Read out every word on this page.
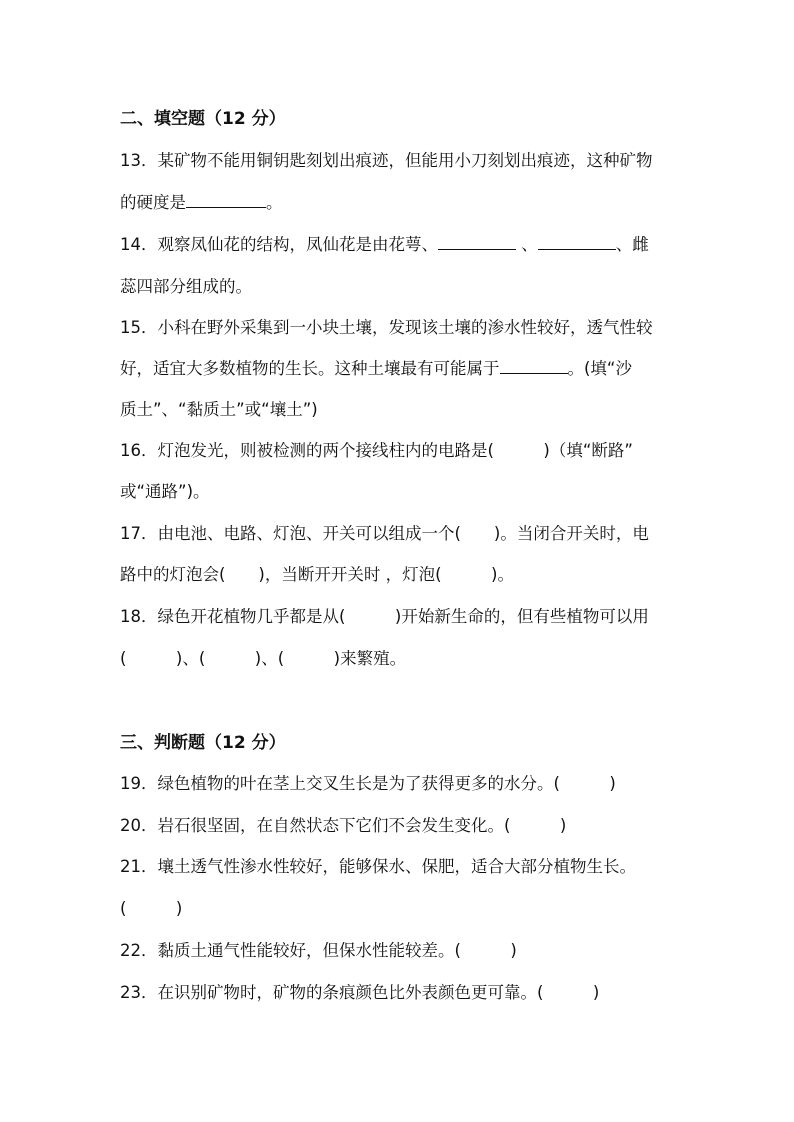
二、填空题（12 分）
13．某矿物不能用铜钥匙刻划出痕迹，但能用小刀刻划出痕迹，这种矿物
的硬度是	。
14．观察凤仙花的结构，凤仙花是由花萼、	、	、雌
蕊四部分组成的。
15．小科在野外采集到一小块土壤，发现该土壤的渗水性较好，透气性较
好，适宜大多数植物的生长。这种土壤最有可能属于	。(填“沙
质土”、“黏质土”或“壤土”)
16．灯泡发光，则被检测的两个接线柱内的电路是(　　　)（填“断路”
或“通路”)。
17．由电池、电路、灯泡、开关可以组成一个(　　)。当闭合开关时，电
路中的灯泡会(　　)，当断开开关时 ，灯泡(　　　)。
18．绿色开花植物几乎都是从(　　　)开始新生命的，但有些植物可以用
(　　　)、(　　　)、(　　　)来繁殖。
三、判断题（12 分）
19．绿色植物的叶在茎上交叉生长是为了获得更多的水分。(　　　)
20．岩石很坚固，在自然状态下它们不会发生变化。(　　　)
21．壤土透气性渗水性较好，能够保水、保肥，适合大部分植物生长。
(　　　)
22．黏质土通气性能较好，但保水性能较差。(　　　)
23．在识别矿物时，矿物的条痕颜色比外表颜色更可靠。(　　　)
